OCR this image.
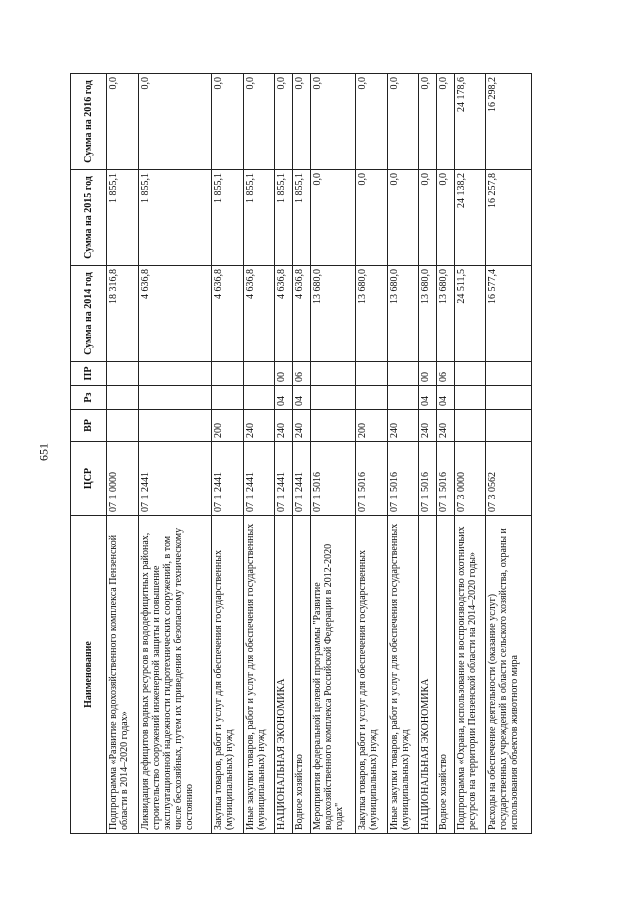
651
Наименование	ЦСР	ВР	Рз	ПР	Сумма на 2014 год	Сумма на 2015 год	Сумма на 2016 год
Подпрограмма «Развитие водохозяйственного комплекса Пензенской области в 2014–2020 годах»	07 1 0000				18 316,8	1 855,1	0,0
Ликвидация дефицитов водных ресурсов в вододефицитных районах, строительство сооружений инженерной защиты и повышение эксплуатационной надежности гидротехнических сооружений, в том числе бесхозяйных, путем их приведения к безопасному техническому состоянию	07 1 2441				4 636,8	1 855,1	0,0
Закупка товаров, работ и услуг для обеспечения государственных (муниципальных) нужд	07 1 2441	200			4 636,8	1 855,1	0,0
Иные закупки товаров, работ и услуг для обеспечения государственных (муниципальных) нужд	07 1 2441	240			4 636,8	1 855,1	0,0
НАЦИОНАЛЬНАЯ ЭКОНОМИКА	07 1 2441	240	04	00	4 636,8	1 855,1	0,0
Водное хозяйство	07 1 2441	240	04	06	4 636,8	1 855,1	0,0
Мероприятия федеральной целевой программы "Развитие водохозяйственного комплекса Российской Федерации в 2012-2020 годах"	07 1 5016				13 680,0	0,0	0,0
Закупка товаров, работ и услуг для обеспечения государственных (муниципальных) нужд	07 1 5016	200			13 680,0	0,0	0,0
Иные закупки товаров, работ и услуг для обеспечения государственных (муниципальных) нужд	07 1 5016	240			13 680,0	0,0	0,0
НАЦИОНАЛЬНАЯ ЭКОНОМИКА	07 1 5016	240	04	00	13 680,0	0,0	0,0
Водное хозяйство	07 1 5016	240	04	06	13 680,0	0,0	0,0
Подпрограмма «Охрана, использование и воспроизводство охотничьих ресурсов на территории Пензенской области на 2014–2020 годы»	07 3 0000				24 511,5	24 138,2	24 178,6
Расходы на обеспечение деятельности (оказание услуг) государственных учреждений в области сельского хозяйства, охраны и использования объектов животного мира	07 3 0562				16 577,4	16 257,8	16 298,2
